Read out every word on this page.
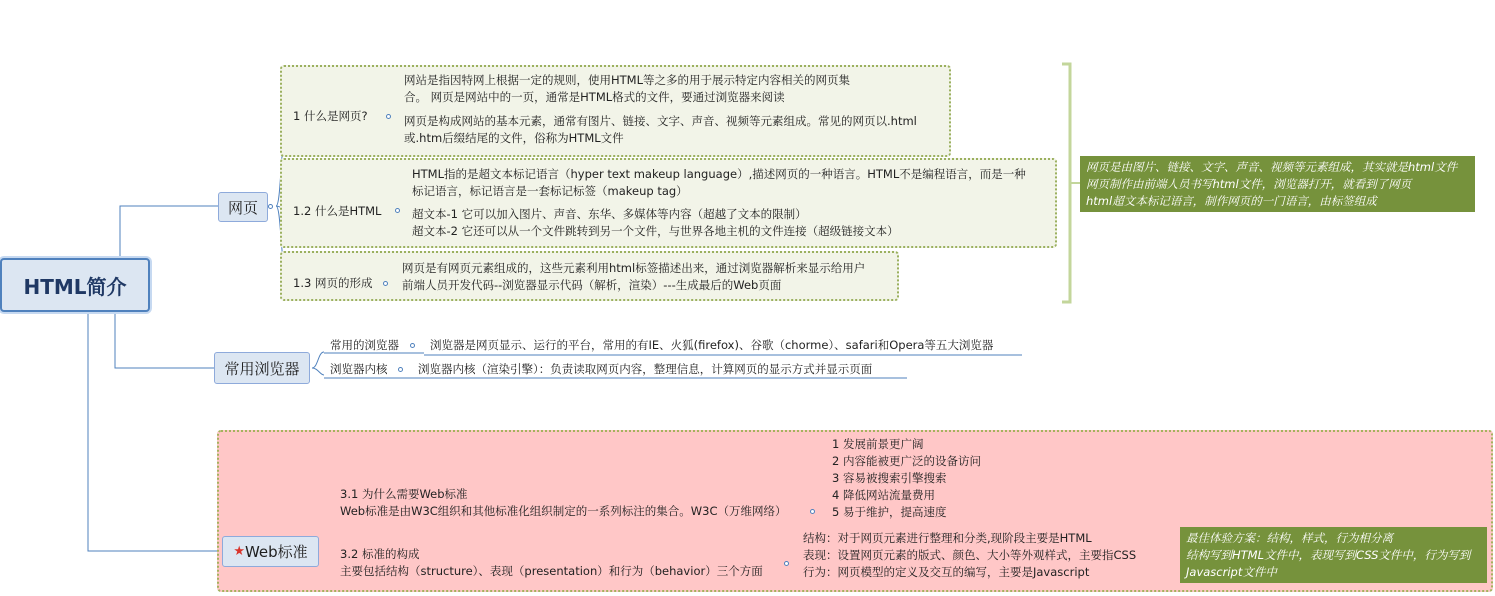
HTML简介
网页
1 什么是网页?
网站是指因特网上根据一定的规则，使用HTML等之多的用于展示特定内容相关的网页集
合。 网页是网站中的一页，通常是HTML格式的文件，要通过浏览器来阅读
网页是构成网站的基本元素，通常有图片、链接、文字、声音、视频等元素组成。常见的网页以.html
或.htm后缀结尾的文件，俗称为HTML文件
1.2 什么是HTML
HTML指的是超文本标记语言（hyper text makeup language）,描述网页的一种语言。HTML不是编程语言，而是一种
标记语言，标记语言是一套标记标签（makeup tag）
超文本-1 它可以加入图片、声音、东华、多媒体等内容（超越了文本的限制）
超文本-2 它还可以从一个文件跳转到另一个文件，与世界各地主机的文件连接（超级链接文本）
1.3 网页的形成
网页是有网页元素组成的，这些元素利用html标签描述出来，通过浏览器解析来显示给用户
前端人员开发代码--浏览器显示代码（解析，渲染）---生成最后的Web页面
网页是由图片、链接、文字、声音、视频等元素组成，其实就是html文件
网页制作由前端人员书写html文件，浏览器打开，就看到了网页
html超文本标记语言，制作网页的一门语言，由标签组成
常用浏览器
常用的浏览器	浏览器是网页显示、运行的平台，常用的有IE、火狐(firefox)、谷歌（chorme）、safari和Opera等五大浏览器
浏览器内核	浏览器内核（渲染引擎）：负责读取网页内容，整理信息，计算网页的显示方式并显示页面
★ Web标准
3.1 为什么需要Web标准
Web标准是由W3C组织和其他标准化组织制定的一系列标注的集合。W3C（万维网络）
1 发展前景更广阔
2 内容能被更广泛的设备访问
3 容易被搜索引擎搜索
4 降低网站流量费用
5 易于维护，提高速度
3.2 标准的构成
主要包括结构（structure）、表现（presentation）和行为（behavior）三个方面
结构：对于网页元素进行整理和分类,现阶段主要是HTML
表现：设置网页元素的版式、颜色、大小等外观样式，主要指CSS
行为：网页模型的定义及交互的编写，主要是Javascript
最佳体验方案：结构，样式，行为相分离
结构写到HTML文件中，表现写到CSS文件中，行为写到
Javascript文件中
